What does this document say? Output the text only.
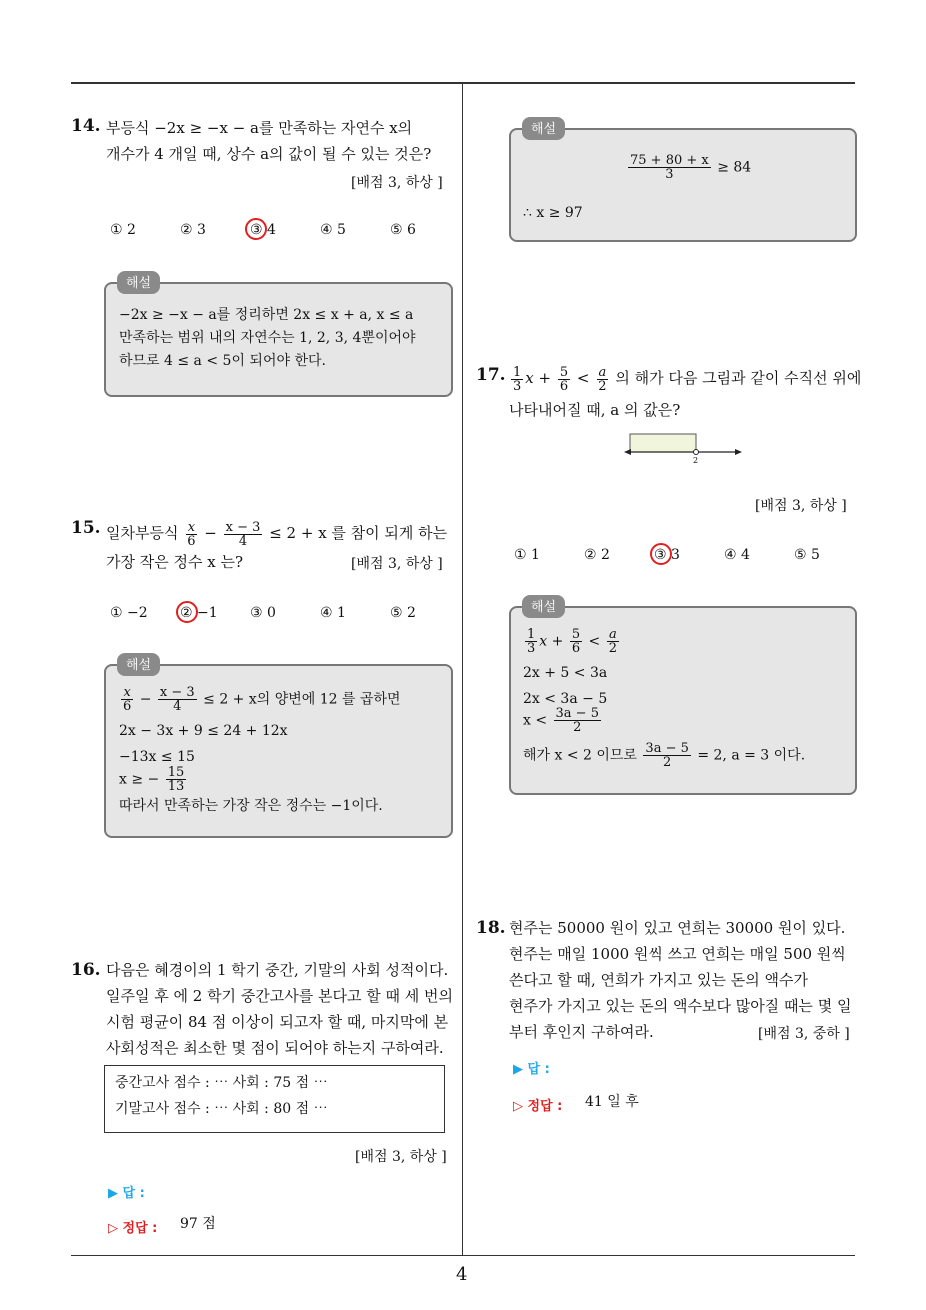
4
14. 부등식 −2x ≥ −x − a를 만족하는 자연수 x의
개수가 4 개일 때, 상수 a의 값이 될 수 있는 것은?
[배점 3, 하상 ]
① 2	② 3	③ 4	④ 5	⑤ 6
−2x ≥ −x − a를 정리하면 2x ≤ x + a, x ≤ a
만족하는 범위 내의 자연수는 1, 2, 3, 4뿐이어야
하므로 4 ≤ a < 5이 되어야 한다.
해설
15. 일차부등식 $\frac{x}{6} - \frac{x - 3}{4} \le 2 + x$ 를 참이 되게 하는
가장 작은 정수 x 는?	[배점 3, 하상 ]
① −2 ② −1 ③ 0	④ 1	⑤ 2
$\frac{x}{6} - \frac{x - 3}{4} \le 2 + x$의 양변에 12 를 곱하면
2x − 3x + 9 ≤ 24 + 12x
−13x ≤ 15
x ≥ − $\frac{15}{13}$
따라서 만족하는 가장 작은 정수는 −1이다.
해설
16. 다음은 혜경이의 1 학기 중간, 기말의 사회 성적이다.
일주일 후 에 2 학기 중간고사를 본다고 할 때 세 번의
시험 평균이 84 점 이상이 되고자 할 때, 마지막에 본
사회성적은 최소한 몇 점이 되어야 하는지 구하여라.
중간고사 점수 : ⋯ 사회 : 75 점 ⋯
기말고사 점수 : ⋯ 사회 : 80 점 ⋯
[배점 3, 하상 ]
▶ 답 :
▷ 정답 : 97 점
$\frac{75 + 80 + x}{3} \ge 84$
∴ x ≥ 97
해설
17. $\frac{1}{3}$ $x + \frac{5}{6} < \frac{a}{2}$ 의 해가 다음 그림과 같이 수직선 위에
나타내어질 때, a 의 값은?
2
[배점 3, 하상 ]
① 1	② 2	③ 3	④ 4	⑤ 5
$\frac{1}{3}$ $x + \frac{5}{6} < \frac{a}{2}$
2x + 5 < 3a
2x < 3a − 5
$x < \frac{3a - 5}{2}$
해가 x < 2 이므로 $\frac{3a - 5}{2} = 2$, a = 3 이다.
해설
18. 현주는 50000 원이 있고 연희는 30000 원이 있다.
현주는 매일 1000 원씩 쓰고 연희는 매일 500 원씩
쓴다고 할 때, 연희가 가지고 있는 돈의 액수가
현주가 가지고 있는 돈의 액수보다 많아질 때는 몇 일
부터 후인지 구하여라.	[배점 3, 중하 ]
▶ 답 :
▷ 정답 : 41 일 후
